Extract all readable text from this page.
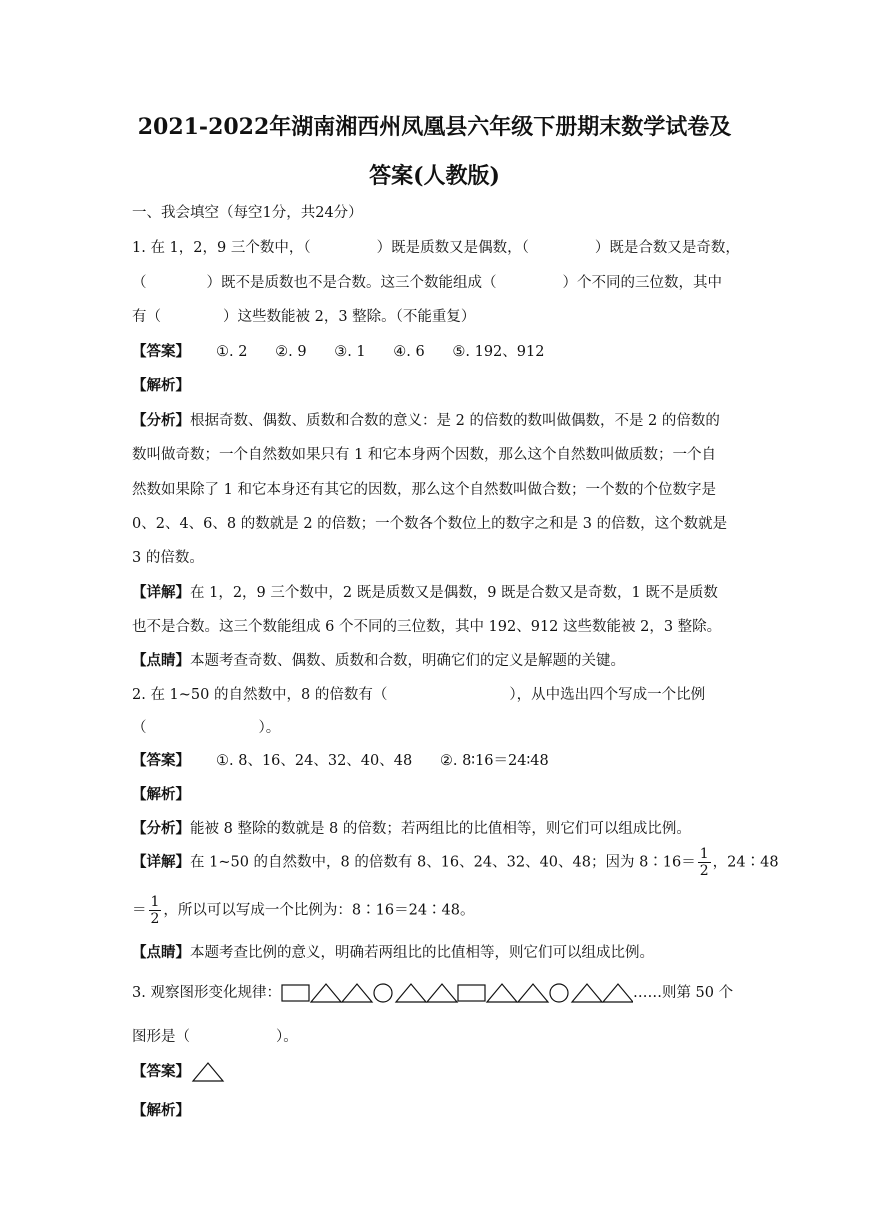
2021-2022年湖南湘西州凤凰县六年级下册期末数学试卷及
答案(人教版)
一、我会填空（每空1分，共24分）
1. 在 1，2，9 三个数中，（	）既是质数又是偶数，（	）既是合数又是奇数，
（	）既不是质数也不是合数。这三个数能组成（	）个不同的三位数，其中
有（	）这些数能被 2，3 整除。（不能重复）
【答案】 ①. 2      ②. 9      ③. 1      ④. 6      ⑤. 192、912
【解析】
【分析】根据奇数、偶数、质数和合数的意义：是 2 的倍数的数叫做偶数，不是 2 的倍数的
数叫做奇数；一个自然数如果只有 1 和它本身两个因数，那么这个自然数叫做质数；一个自
然数如果除了 1 和它本身还有其它的因数，那么这个自然数叫做合数；一个数的个位数字是
0、2、4、6、8 的数就是 2 的倍数；一个数各个数位上的数字之和是 3 的倍数，这个数就是
3 的倍数。
【详解】在 1，2，9 三个数中，2 既是质数又是偶数，9 既是合数又是奇数，1 既不是质数
也不是合数。这三个数能组成 6 个不同的三位数，其中 192、912 这些数能被 2，3 整除。
【点睛】本题考查奇数、偶数、质数和合数，明确它们的定义是解题的关键。
2. 在 1~50 的自然数中，8 的倍数有（	），从中选出四个写成一个比例
（	）。
【答案】 ①. 8、16、24、32、40、48      ②. 8∶16＝24∶48
【解析】
【分析】能被 8 整除的数就是 8 的倍数；若两组比的比值相等，则它们可以组成比例。
【详解】在 1~50 的自然数中，8 的倍数有 8、16、24、32、40、48；因为 8∶16＝ $\frac{1}{2}$ ，24∶48
＝ $\frac{1}{2}$ ，所以可以写成一个比例为：8∶16＝24∶48。
【点睛】本题考查比例的意义，明确若两组比的比值相等，则它们可以组成比例。
3. 观察图形变化规律：	……则第 50 个
图形是（	）。
【答案】
【解析】
